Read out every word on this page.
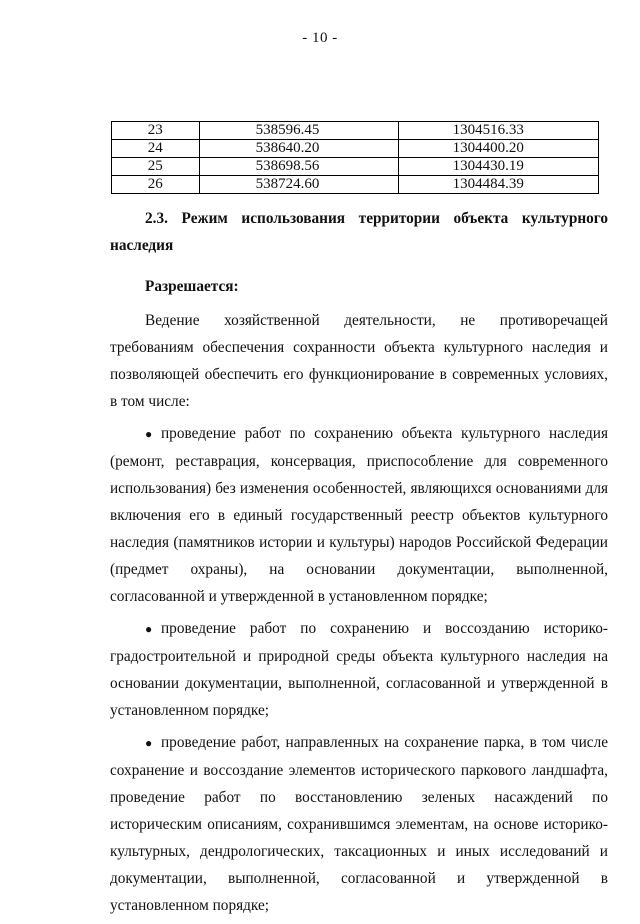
- 10 -
23	538596.45	1304516.33
24	538640.20	1304400.20
25	538698.56	1304430.19
26	538724.60	1304484.39

2.3. Режим использования территории объекта культурного наследия

Разрешается:

Ведение хозяйственной деятельности, не противоречащей требованиям обеспечения сохранности объекта культурного наследия и позволяющей обеспечить его функционирование в современных условиях, в том числе:

● проведение работ по сохранению объекта культурного наследия (ремонт, реставрация, консервация, приспособление для современного использования) без изменения особенностей, являющихся основаниями для включения его в единый государственный реестр объектов культурного наследия (памятников истории и культуры) народов Российской Федерации (предмет охраны), на основании документации, выполненной, согласованной и утвержденной в установленном порядке;

● проведение работ по сохранению и воссозданию историко-градостроительной и природной среды объекта культурного наследия на основании документации, выполненной, согласованной и утвержденной в установленном порядке;

● проведение работ, направленных на сохранение парка, в том числе сохранение и воссоздание элементов исторического паркового ландшафта, проведение работ по восстановлению зеленых насаждений по историческим описаниям, сохранившимся элементам, на основе историко-культурных, дендрологических, таксационных и иных исследований и документации, выполненной, согласованной и утвержденной в установленном порядке;
